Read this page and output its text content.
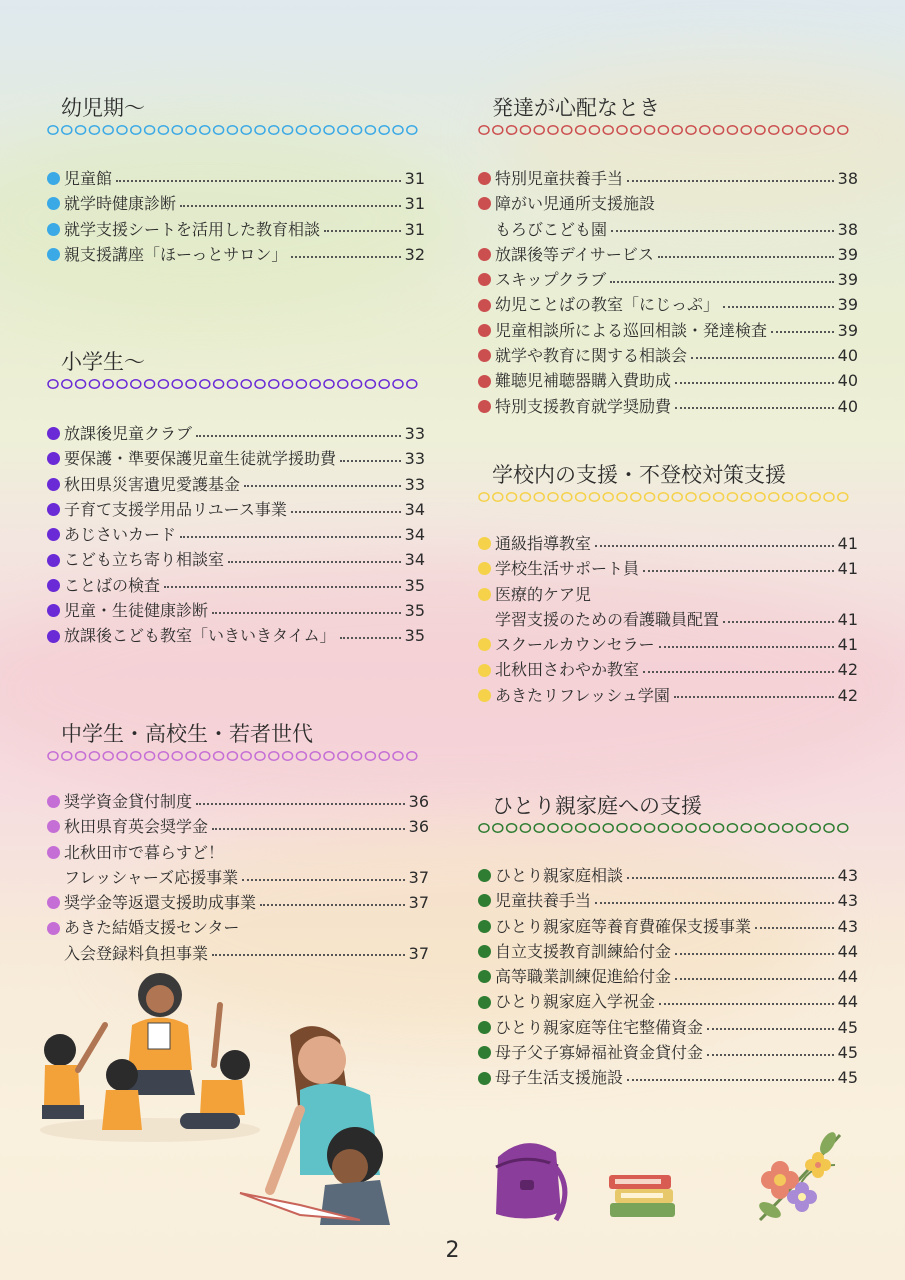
幼児期～
児童館	31
就学時健康診断	31
就学支援シートを活用した教育相談	31
親支援講座「ほーっとサロン」	32
小学生～
放課後児童クラブ	33
要保護・準要保護児童生徒就学援助費	33
秋田県災害遺児愛護基金	33
子育て支援学用品リユース事業	34
あじさいカード	34
こども立ち寄り相談室	34
ことばの検査	35
児童・生徒健康診断	35
放課後こども教室「いきいきタイム」	35
中学生・高校生・若者世代
奨学資金貸付制度	36
秋田県育英会奨学金	36
北秋田市で暮らすど！
フレッシャーズ応援事業	37
奨学金等返還支援助成事業	37
あきた結婚支援センター
入会登録料負担事業	37
発達が心配なとき
特別児童扶養手当	38
障がい児通所支援施設
もろびこども園	38
放課後等デイサービス	39
スキップクラブ	39
幼児ことばの教室「にじっぷ」	39
児童相談所による巡回相談・発達検査	39
就学や教育に関する相談会	40
難聴児補聴器購入費助成	40
特別支援教育就学奨励費	40
学校内の支援・不登校対策支援
通級指導教室	41
学校生活サポート員	41
医療的ケア児
学習支援のための看護職員配置	41
スクールカウンセラー	41
北秋田さわやか教室	42
あきたリフレッシュ学園	42
ひとり親家庭への支援
ひとり親家庭相談	43
児童扶養手当	43
ひとり親家庭等養育費確保支援事業	43
自立支援教育訓練給付金	44
高等職業訓練促進給付金	44
ひとり親家庭入学祝金	44
ひとり親家庭等住宅整備資金	45
母子父子寡婦福祉資金貸付金	45
母子生活支援施設	45
2
